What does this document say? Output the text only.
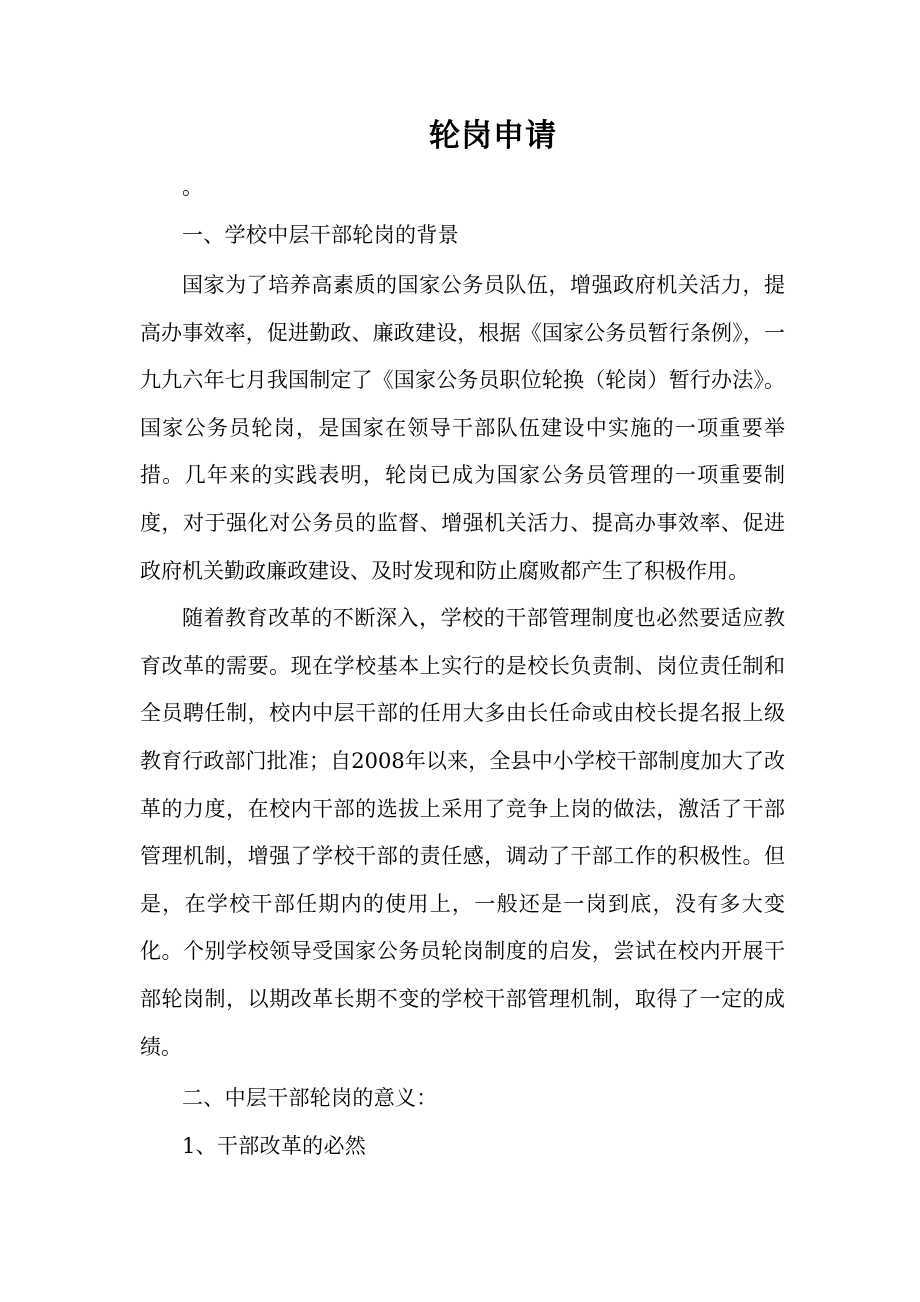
轮岗申请
。
一、学校中层干部轮岗的背景

国家为了培养高素质的国家公务员队伍，增强政府机关活力，提高办事效率，促进勤政、廉政建设，根据《国家公务员暂行条例》，一九九六年七月我国制定了《国家公务员职位轮换（轮岗）暂行办法》。国家公务员轮岗，是国家在领导干部队伍建设中实施的一项重要举措。几年来的实践表明，轮岗已成为国家公务员管理的一项重要制度，对于强化对公务员的监督、增强机关活力、提高办事效率、促进政府机关勤政廉政建设、及时发现和防止腐败都产生了积极作用。

随着教育改革的不断深入，学校的干部管理制度也必然要适应教育改革的需要。现在学校基本上实行的是校长负责制、岗位责任制和全员聘任制，校内中层干部的任用大多由长任命或由校长提名报上级教育行政部门批准；自2008年以来，全县中小学校干部制度加大了改革的力度，在校内干部的选拔上采用了竞争上岗的做法，激活了干部管理机制，增强了学校干部的责任感，调动了干部工作的积极性。但是，在学校干部任期内的使用上，一般还是一岗到底，没有多大变化。个别学校领导受国家公务员轮岗制度的启发，尝试在校内开展干部轮岗制，以期改革长期不变的学校干部管理机制，取得了一定的成绩。

二、中层干部轮岗的意义：
1、干部改革的必然
